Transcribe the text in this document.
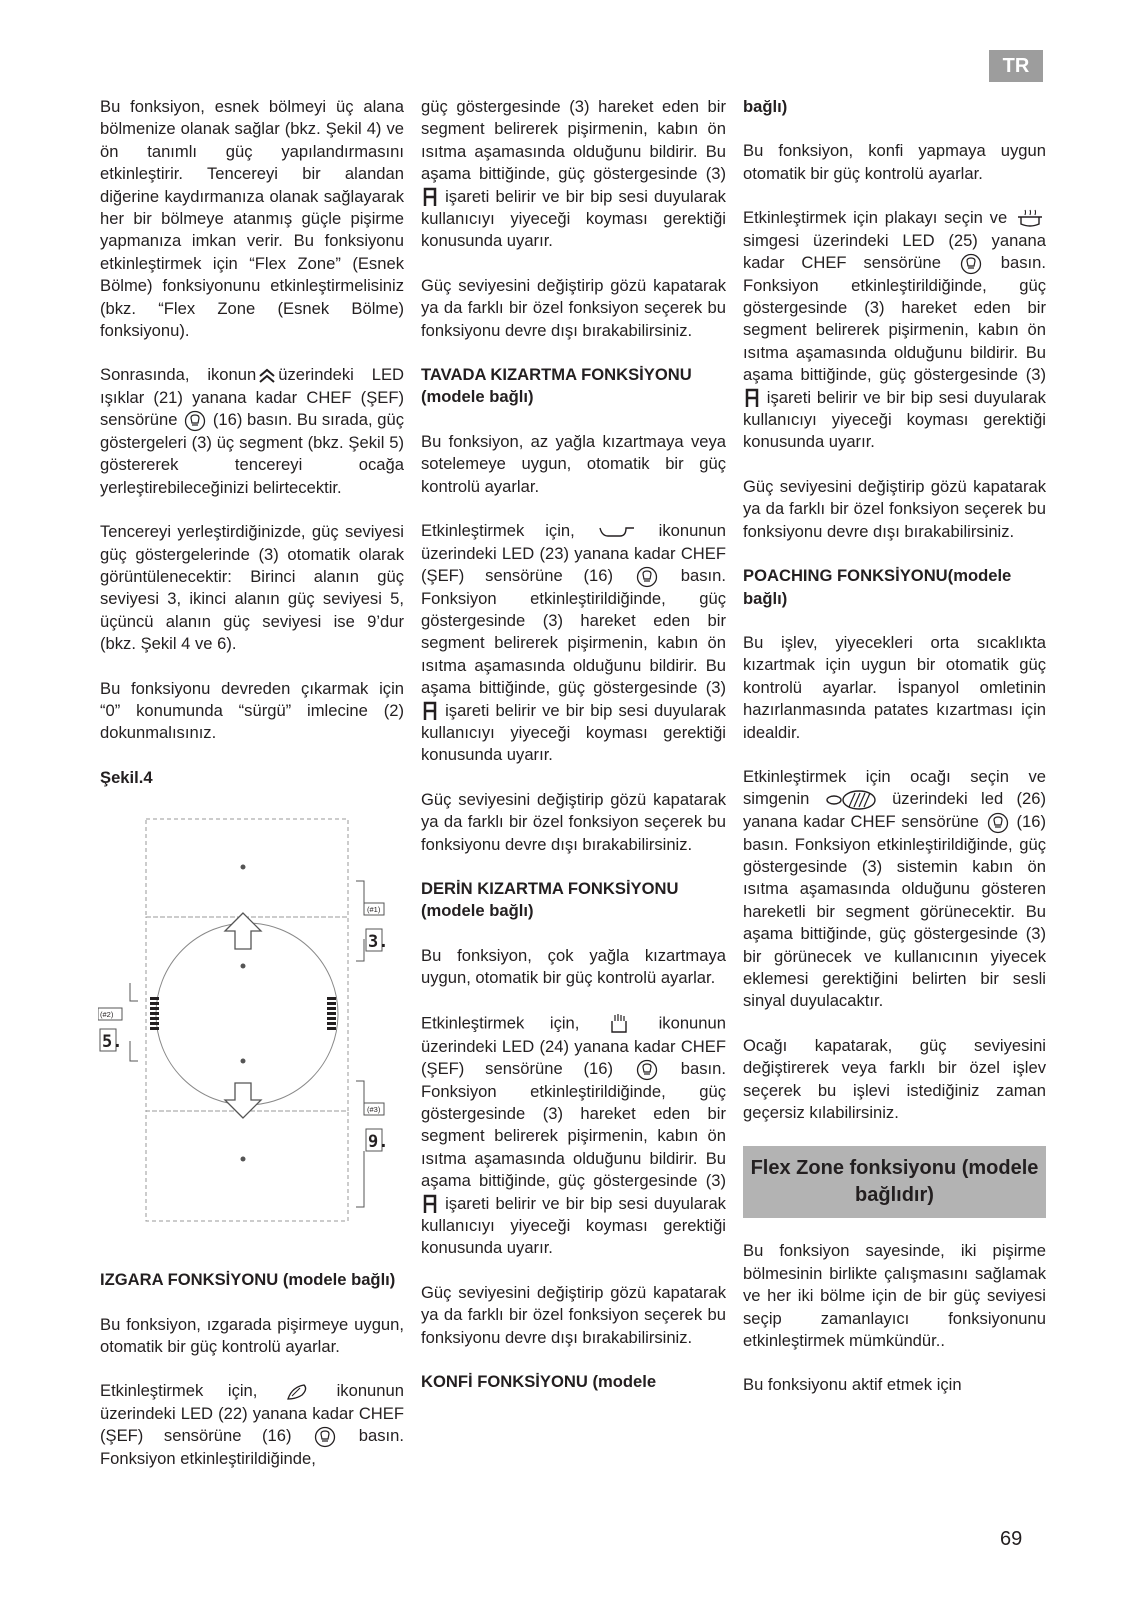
TR

Bu fonksiyon, esnek bölmeyi üç alana bölmenize olanak sağlar (bkz. Şekil 4) ve ön tanımlı güç yapılandırmasını etkinleştirir. Tencereyi bir alandan diğerine kaydırmanıza olanak sağlayarak her bir bölmeye atanmış güçle pişirme yapmanıza imkan verir. Bu fonksiyonu etkinleştirmek için “Flex Zone” (Esnek Bölme) fonksiyonunu etkinleştirmelisiniz (bkz. “Flex Zone (Esnek Bölme) fonksiyonu).

Sonrasında, ikonun üzerindeki LED ışıklar (21) yanana kadar CHEF (ŞEF) sensörüne (16) basın. Bu sırada, güç göstergeleri (3) üç segment (bkz. Şekil 5) göstererek tencereyi ocağa yerleştirebileceğinizi belirtecektir.

Tencereyi yerleştirdiğinizde, güç seviyesi güç göstergelerinde (3) otomatik olarak görüntülenecektir: Birinci alanın güç seviyesi 3, ikinci alanın güç seviyesi 5, üçüncü alanın güç seviyesi ise 9’dur (bkz. Şekil 4 ve 6).

Bu fonksiyonu devreden çıkarmak için “0” konumunda “sürgü” imlecine (2) dokunmalısınız.

Şekil.4

(#1)
(#2)
(#3)
3.
5.
9.

IZGARA FONKSİYONU (modele bağlı)

Bu fonksiyon, ızgarada pişirmeye uygun, otomatik bir güç kontrolü ayarlar.

Etkinleştirmek için,	ikonunun üzerindeki LED (22) yanana kadar CHEF (ŞEF) sensörüne (16)	basın. Fonksiyon etkinleştirildiğinde,

güç göstergesinde (3) hareket eden bir segment belirerek pişirmenin, kabın ön ısıtma aşamasında olduğunu bildirir. Bu aşama bittiğinde, güç göstergesinde (3)
işareti belirir ve bir bip sesi duyularak kullanıcıyı yiyeceği koyması gerektiği konusunda uyarır.

Güç seviyesini değiştirip gözü kapatarak ya da farklı bir özel fonksiyon seçerek bu fonksiyonu devre dışı bırakabilirsiniz.

TAVADA KIZARTMA FONKSİYONU (modele bağlı)

Bu fonksiyon, az yağla kızartmaya veya sotelemeye uygun, otomatik bir güç kontrolü ayarlar.

Etkinleştirmek için,	ikonunun üzerindeki LED (23) yanana kadar CHEF (ŞEF) sensörüne (16)	basın. Fonksiyon etkinleştirildiğinde, güç göstergesinde (3) hareket eden bir segment belirerek pişirmenin, kabın ön ısıtma aşamasında olduğunu bildirir. Bu aşama bittiğinde, güç göstergesinde (3)
işareti belirir ve bir bip sesi duyularak kullanıcıyı yiyeceği koyması gerektiği konusunda uyarır.

Güç seviyesini değiştirip gözü kapatarak ya da farklı bir özel fonksiyon seçerek bu fonksiyonu devre dışı bırakabilirsiniz.

DERİN KIZARTMA FONKSİYONU (modele bağlı)

Bu fonksiyon, çok yağla kızartmaya uygun, otomatik bir güç kontrolü ayarlar.

Etkinleştirmek için,	ikonunun üzerindeki LED (24) yanana kadar CHEF (ŞEF) sensörüne (16)	basın. Fonksiyon etkinleştirildiğinde, güç göstergesinde (3) hareket eden bir segment belirerek pişirmenin, kabın ön ısıtma aşamasında olduğunu bildirir. Bu aşama bittiğinde, güç göstergesinde (3)
işareti belirir ve bir bip sesi duyularak kullanıcıyı yiyeceği koyması gerektiği konusunda uyarır.

Güç seviyesini değiştirip gözü kapatarak ya da farklı bir özel fonksiyon seçerek bu fonksiyonu devre dışı bırakabilirsiniz.

KONFİ FONKSİYONU (modele

bağlı)

Bu fonksiyon, konfi yapmaya uygun otomatik bir güç kontrolü ayarlar.

Etkinleştirmek için plakayı seçin ve
simgesi üzerindeki LED (25) yanana kadar CHEF sensörüne	basın. Fonksiyon etkinleştirildiğinde, güç göstergesinde (3) hareket eden bir segment belirerek pişirmenin, kabın ön ısıtma aşamasında olduğunu bildirir. Bu aşama bittiğinde, güç göstergesinde (3)
işareti belirir ve bir bip sesi duyularak kullanıcıyı yiyeceği koyması gerektiği konusunda uyarır.

Güç seviyesini değiştirip gözü kapatarak ya da farklı bir özel fonksiyon seçerek bu fonksiyonu devre dışı bırakabilirsiniz.

POACHING FONKSİYONU(modele bağlı)

Bu işlev, yiyecekleri orta sıcaklıkta kızartmak için uygun bir otomatik güç kontrolü ayarlar. İspanyol omletinin hazırlanmasında patates kızartması için idealdir.

Etkinleştirmek için ocağı seçin ve simgenin	üzerindeki led (26) yanana kadar CHEF sensörüne (16) basın. Fonksiyon etkinleştirildiğinde, güç göstergesinde (3) sistemin kabın ön ısıtma aşamasında olduğunu gösteren hareketli bir segment görünecektir. Bu aşama bittiğinde, güç göstergesinde (3) bir görünecek ve kullanıcının yiyecek eklemesi gerektiğini belirten bir sesli sinyal duyulacaktır.

Ocağı kapatarak, güç seviyesini değiştirerek veya farklı bir özel işlev seçerek bu işlevi istediğiniz zaman geçersiz kılabilirsiniz.

Flex Zone fonksiyonu (modele bağlıdır)

Bu fonksiyon sayesinde, iki pişirme bölmesinin birlikte çalışmasını sağlamak ve her iki bölme için de bir güç seviyesi seçip zamanlayıcı fonksiyonunu etkinleştirmek mümkündür..

Bu fonksiyonu aktif etmek için

69
